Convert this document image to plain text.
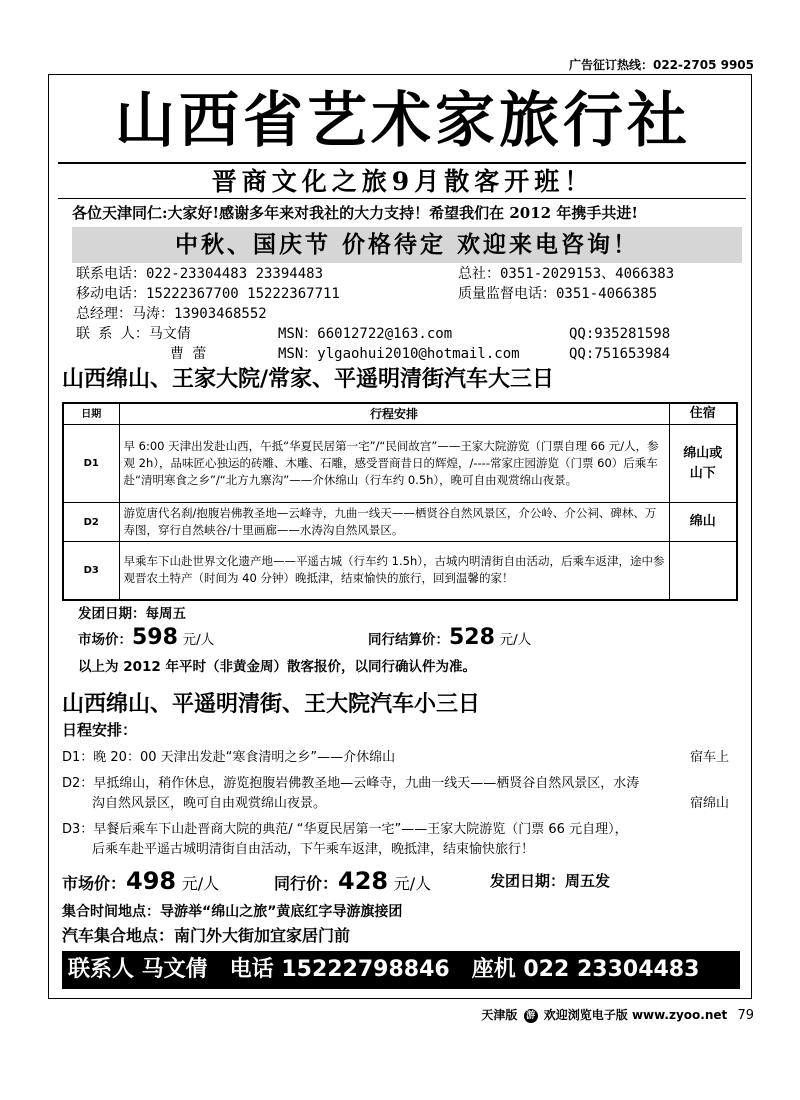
广告征订热线：022-2705 9905
山西省艺术家旅行社
晋商文化之旅9月散客开班！
各位天津同仁:大家好!感谢多年来对我社的大力支持！希望我们在 2012 年携手共进!
中秋、国庆节 价格待定 欢迎来电咨询！
联系电话：022-23304483 23394483	总社：0351-2029153、4066383
移动电话：15222367700 15222367711	质量监督电话：0351-4066385
总经理：马涛：13903468552
联 系 人：马文倩	MSN：66012722@163.com	QQ:935281598
曹 蕾	MSN：ylgaohui2010@hotmail.com	QQ:751653984
山西绵山、王家大院/常家、平遥明清街汽车大三日
日期	行程安排	住宿
D1	早 6:00 天津出发赴山西，午抵“华夏民居第一宅”/“民间故宫”——王家大院游览（门票自理 66 元/人，参观 2h），品味匠心独运的砖雕、木雕、石雕，感受晋商昔日的辉煌，/----常家庄园游览（门票 60）后乘车赴“清明寒食之乡”/“北方九寨沟”——介休绵山（行车约 0.5h），晚可自由观赏绵山夜景。	绵山或山下
D2	游览唐代名刹/抱腹岩佛教圣地—云峰寺，九曲一线天——栖贤谷自然风景区，介公岭、介公祠、碑林、万寿图，穿行自然峡谷/十里画廊——水涛沟自然风景区。	绵山
D3	早乘车下山赴世界文化遗产地——平遥古城（行车约 1.5h），古城内明清街自由活动，后乘车返津，途中参观晋农土特产（时间为 40 分钟）晚抵津，结束愉快的旅行，回到温馨的家！	
发团日期：每周五
市场价：598 元/人	同行结算价：528 元/人
以上为 2012 年平时（非黄金周）散客报价，以同行确认件为准。
山西绵山、平遥明清街、王大院汽车小三日
日程安排：
D1：晚 20：00 天津出发赴“寒食清明之乡”——介休绵山	宿车上
D2：早抵绵山，稍作休息，游览抱腹岩佛教圣地—云峰寺，九曲一线天——栖贤谷自然风景区，水涛
沟自然风景区，晚可自由观赏绵山夜景。	宿绵山
D3：早餐后乘车下山赴晋商大院的典范/ “华夏民居第一宅”——王家大院游览（门票 66 元自理），
后乘车赴平遥古城明清街自由活动，下午乘车返津，晚抵津，结束愉快旅行！
市场价：498 元/人	同行价：428 元/人	发团日期：周五发
集合时间地点：导游举“绵山之旅”黄底红字导游旗接团
汽车集合地点：南门外大街加宜家居门前
联系人 马文倩 电话 15222798846 座机 022 23304483
天津版 游 欢迎浏览电子版 www.zyoo.net 79
